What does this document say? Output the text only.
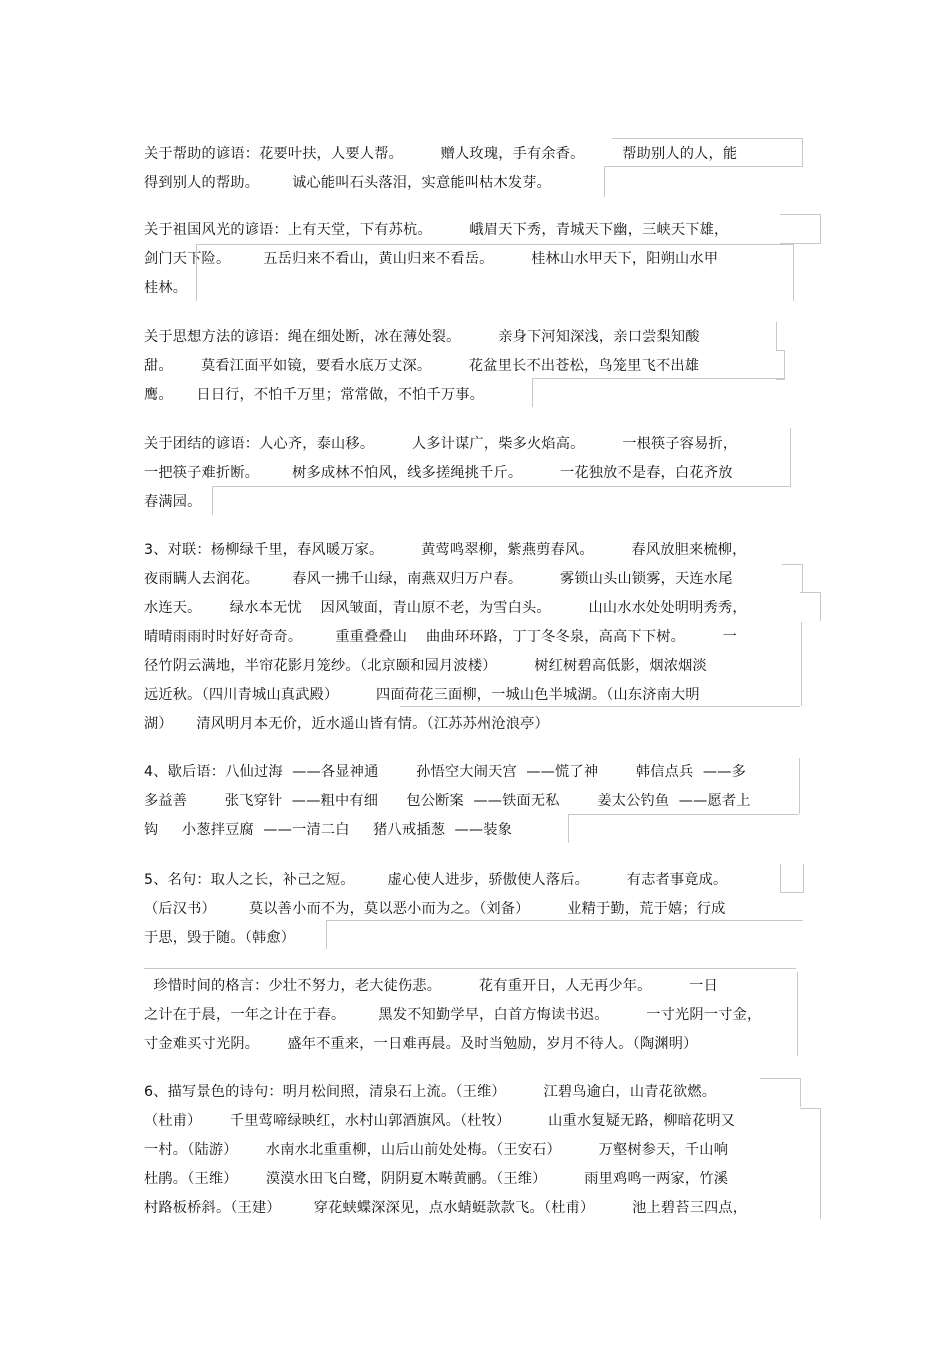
关于帮助的谚语：花要叶扶，人要人帮。        赠人玫瑰，手有余香。        帮助别人的人，能
得到别人的帮助。       诚心能叫石头落泪，实意能叫枯木发芽。
关于祖国风光的谚语：上有天堂，下有苏杭。        峨眉天下秀，青城天下幽，三峡天下雄，
剑门天下险。       五岳归来不看山，黄山归来不看岳。        桂林山水甲天下，阳朔山水甲
桂林。
关于思想方法的谚语：绳在细处断，冰在薄处裂。        亲身下河知深浅，亲口尝梨知酸
甜。      莫看江面平如镜，要看水底万丈深。        花盆里长不出苍松，鸟笼里飞不出雄
鹰。     日日行，不怕千万里；常常做，不怕千万事。
关于团结的谚语：人心齐，泰山移。        人多计谋广，柴多火焰高。        一根筷子容易折，
一把筷子难折断。       树多成林不怕风，线多搓绳挑千斤。        一花独放不是春，白花齐放
春满园。
3、对联：杨柳绿千里，春风暖万家。        黄莺鸣翠柳，紫燕剪春风。        春风放胆来梳柳，
夜雨瞒人去润花。       春风一拂千山绿，南燕双归万户春。        雾锁山头山锁雾，天连水尾
水连天。      绿水本无忧    因风皱面，青山原不老，为雪白头。        山山水水处处明明秀秀，
晴晴雨雨时时好好奇奇。       重重叠叠山    曲曲环环路，丁丁冬冬泉，高高下下树。        一
径竹阴云满地，半帘花影月笼纱。（北京颐和园月波楼）        树红树碧高低影，烟浓烟淡
远近秋。（四川青城山真武殿）        四面荷花三面柳，一城山色半城湖。（山东济南大明
湖）     清风明月本无价，近水遥山皆有情。（江苏苏州沧浪亭）
4、歇后语：八仙过海  ——各显神通        孙悟空大闹天宫  ——慌了神        韩信点兵  ——多
多益善        张飞穿针  ——粗中有细      包公断案  ——铁面无私        姜太公钓鱼  ——愿者上
钩     小葱拌豆腐  ——一清二白     猪八戒插葱  ——装象
5、名句：取人之长，补己之短。       虚心使人进步，骄傲使人落后。        有志者事竟成。
（后汉书）       莫以善小而不为，莫以恶小而为之。（刘备）        业精于勤，荒于嬉；行成
于思，毁于随。（韩愈）
珍惜时间的格言：少壮不努力，老大徒伤悲。        花有重开日，人无再少年。        一日
之计在于晨，一年之计在于春。       黑发不知勤学早，白首方悔读书迟。        一寸光阴一寸金，
寸金难买寸光阴。      盛年不重来，一日难再晨。及时当勉励，岁月不待人。（陶渊明）
6、描写景色的诗句：明月松间照，清泉石上流。（王维）        江碧鸟逾白，山青花欲燃。
（杜甫）      千里莺啼绿映红，水村山郭酒旗风。（杜牧）        山重水复疑无路，柳暗花明又
一村。（陆游）      水南水北重重柳，山后山前处处梅。（王安石）        万壑树参天，千山响
杜鹃。（王维）      漠漠水田飞白鹭，阴阴夏木啭黄鹂。（王维）        雨里鸡鸣一两家，竹溪
村路板桥斜。（王建）       穿花蛱蝶深深见，点水蜻蜓款款飞。（杜甫）        池上碧苔三四点，
